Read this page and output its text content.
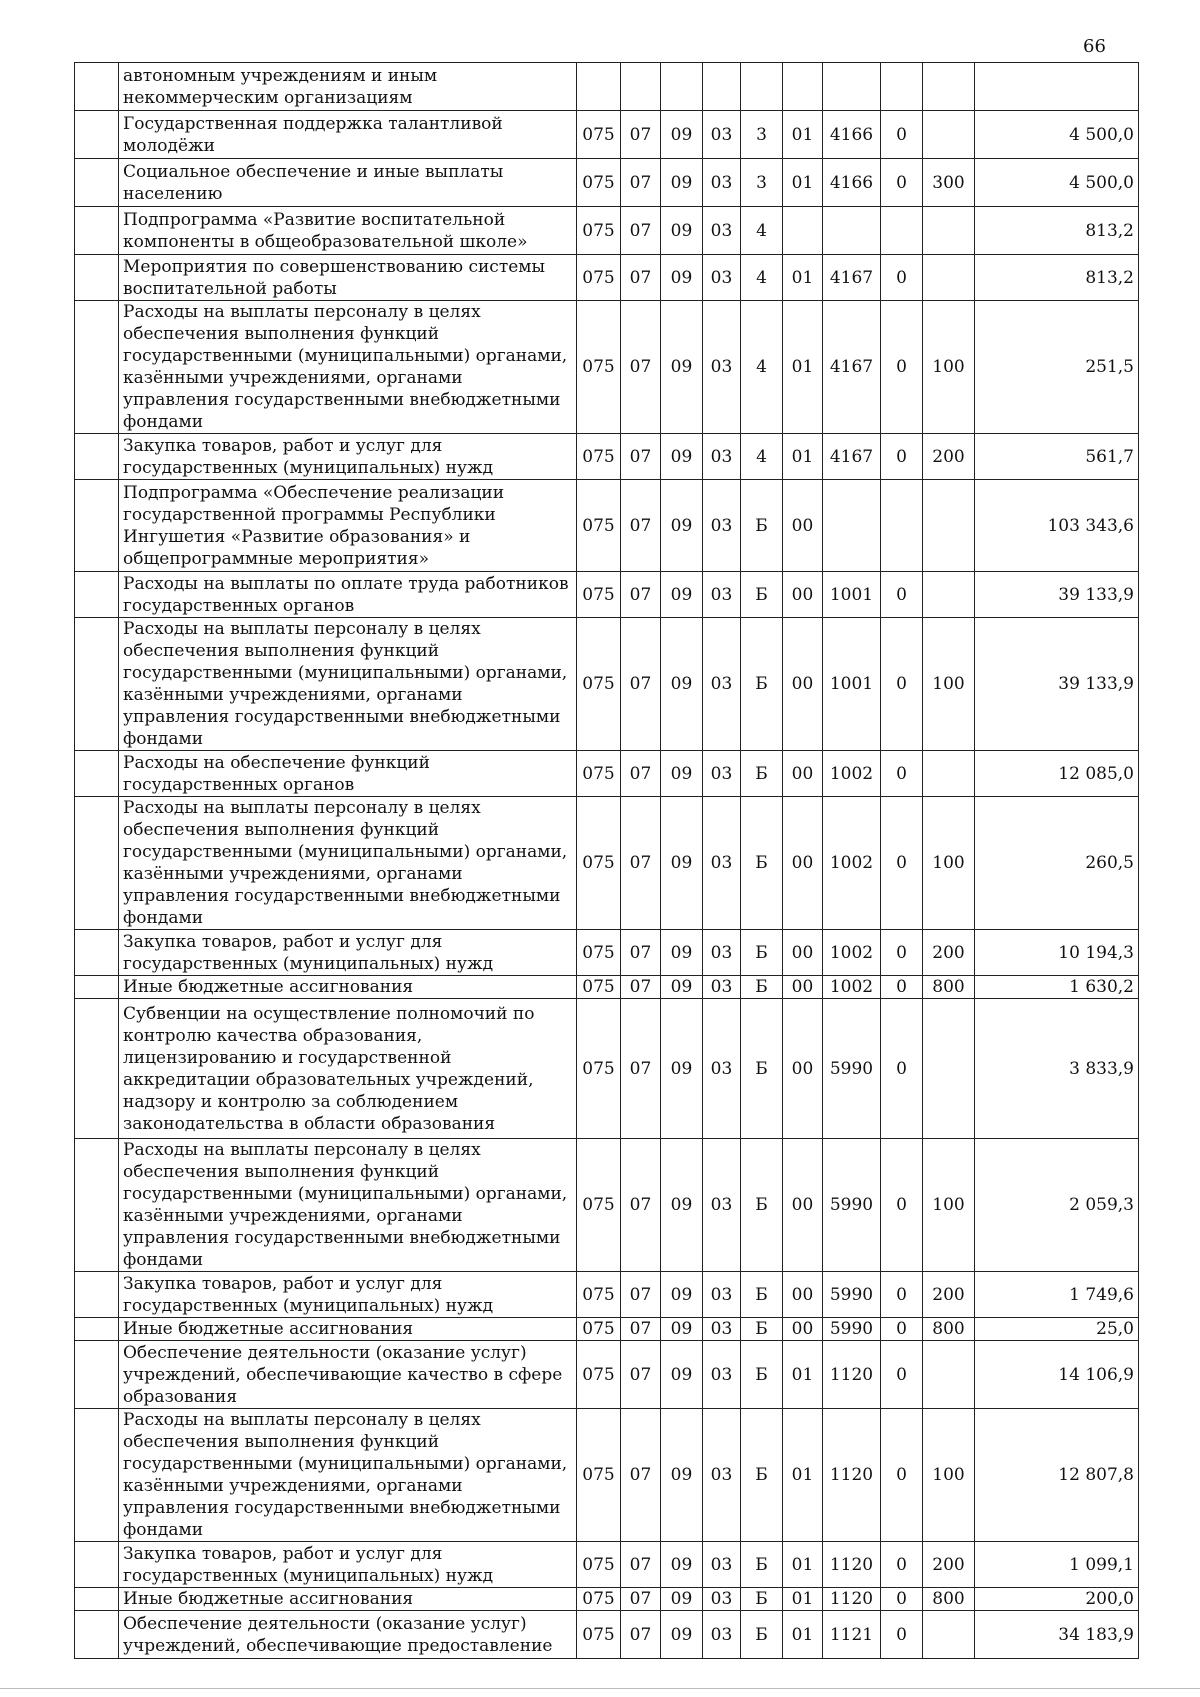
66
	автономным учреждениям и иным некоммерческим организациям										
	Государственная поддержка талантливой молодёжи	075	07	09	03	3	01	4166	0		4 500,0
	Социальное обеспечение и иные выплаты населению	075	07	09	03	3	01	4166	0	300	4 500,0
	Подпрограмма «Развитие воспитательной компоненты в общеобразовательной школе»	075	07	09	03	4					813,2
	Мероприятия по совершенствованию системы воспитательной работы	075	07	09	03	4	01	4167	0		813,2
	Расходы на выплаты персоналу в целях обеспечения выполнения функций государственными (муниципальными) органами, казёнными учреждениями, органами управления государственными внебюджетными фондами	075	07	09	03	4	01	4167	0	100	251,5
	Закупка товаров, работ и услуг для государственных (муниципальных) нужд	075	07	09	03	4	01	4167	0	200	561,7
	Подпрограмма «Обеспечение реализации государственной программы Республики Ингушетия «Развитие образования» и общепрограммные мероприятия»	075	07	09	03	Б	00				103 343,6
	Расходы на выплаты по оплате труда работников государственных органов	075	07	09	03	Б	00	1001	0		39 133,9
	Расходы на выплаты персоналу в целях обеспечения выполнения функций государственными (муниципальными) органами, казёнными учреждениями, органами управления государственными внебюджетными фондами	075	07	09	03	Б	00	1001	0	100	39 133,9
	Расходы на обеспечение функций государственных органов	075	07	09	03	Б	00	1002	0		12 085,0
	Расходы на выплаты персоналу в целях обеспечения выполнения функций государственными (муниципальными) органами, казёнными учреждениями, органами управления государственными внебюджетными фондами	075	07	09	03	Б	00	1002	0	100	260,5
	Закупка товаров, работ и услуг для государственных (муниципальных) нужд	075	07	09	03	Б	00	1002	0	200	10 194,3
	Иные бюджетные ассигнования	075	07	09	03	Б	00	1002	0	800	1 630,2
	Субвенции на осуществление полномочий по контролю качества образования, лицензированию и государственной аккредитации образовательных учреждений, надзору и контролю за соблюдением законодательства в области образования	075	07	09	03	Б	00	5990	0		3 833,9
	Расходы на выплаты персоналу в целях обеспечения выполнения функций государственными (муниципальными) органами, казёнными учреждениями, органами управления государственными внебюджетными фондами	075	07	09	03	Б	00	5990	0	100	2 059,3
	Закупка товаров, работ и услуг для государственных (муниципальных) нужд	075	07	09	03	Б	00	5990	0	200	1 749,6
	Иные бюджетные ассигнования	075	07	09	03	Б	00	5990	0	800	25,0
	Обеспечение деятельности (оказание услуг) учреждений, обеспечивающие качество в сфере образования	075	07	09	03	Б	01	1120	0		14 106,9
	Расходы на выплаты персоналу в целях обеспечения выполнения функций государственными (муниципальными) органами, казёнными учреждениями, органами управления государственными внебюджетными фондами	075	07	09	03	Б	01	1120	0	100	12 807,8
	Закупка товаров, работ и услуг для государственных (муниципальных) нужд	075	07	09	03	Б	01	1120	0	200	1 099,1
	Иные бюджетные ассигнования	075	07	09	03	Б	01	1120	0	800	200,0
	Обеспечение деятельности (оказание услуг) учреждений, обеспечивающие предоставление	075	07	09	03	Б	01	1121	0		34 183,9
